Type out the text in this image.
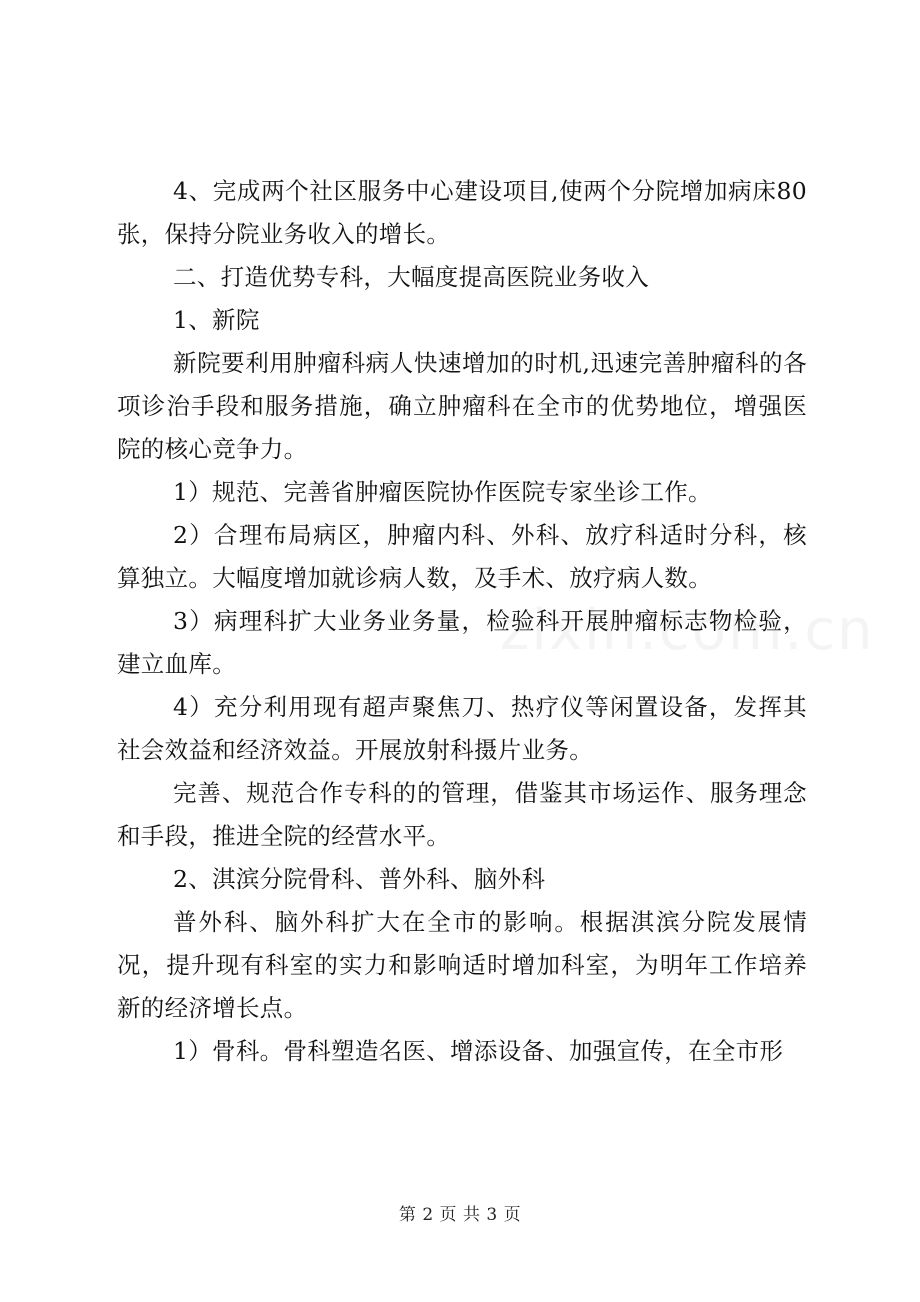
4、完成两个社区服务中心建设项目,使两个分院增加病床80张，保持分院业务收入的增长。

二、打造优势专科，大幅度提高医院业务收入

1、新院

新院要利用肿瘤科病人快速增加的时机,迅速完善肿瘤科的各项诊治手段和服务措施，确立肿瘤科在全市的优势地位，增强医院的核心竞争力。

1）规范、完善省肿瘤医院协作医院专家坐诊工作。

2）合理布局病区，肿瘤内科、外科、放疗科适时分科，核算独立。大幅度增加就诊病人数，及手术、放疗病人数。

3）病理科扩大业务业务量，检验科开展肿瘤标志物检验，建立血库。

4）充分利用现有超声聚焦刀、热疗仪等闲置设备，发挥其社会效益和经济效益。开展放射科摄片业务。

完善、规范合作专科的的管理，借鉴其市场运作、服务理念和手段，推进全院的经营水平。

2、淇滨分院骨科、普外科、脑外科

普外科、脑外科扩大在全市的影响。根据淇滨分院发展情况，提升现有科室的实力和影响适时增加科室，为明年工作培养新的经济增长点。

1）骨科。骨科塑造名医、增添设备、加强宣传，在全市形

第 2 页 共 3 页
